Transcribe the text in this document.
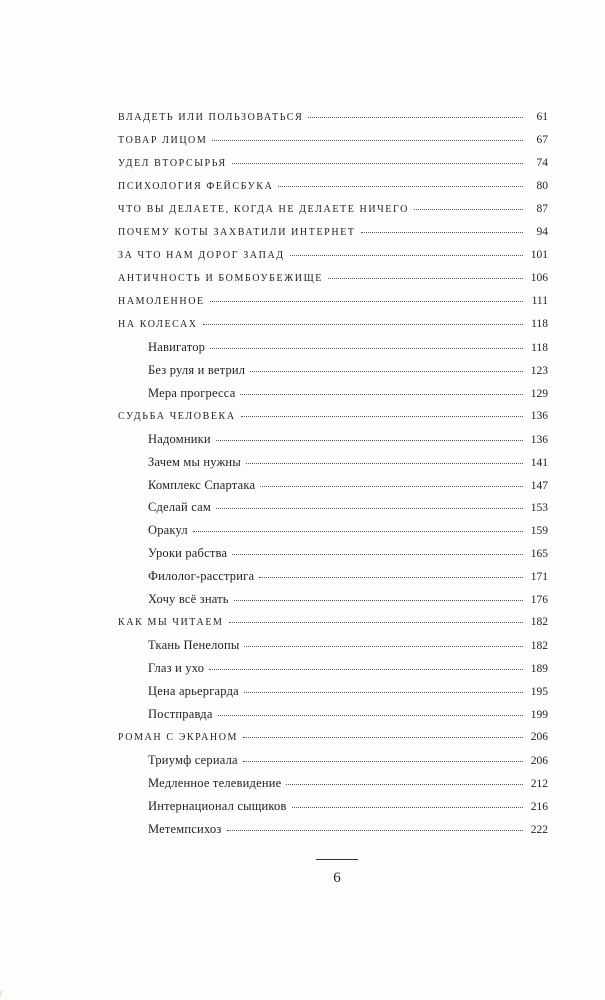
ВЛАДЕТЬ ИЛИ ПОЛЬЗОВАТЬСЯ	61
ТОВАР ЛИЦОМ	67
УДЕЛ ВТОРСЫРЬЯ	74
ПСИХОЛОГИЯ ФЕЙСБУКА	80
ЧТО ВЫ ДЕЛАЕТЕ, КОГДА НЕ ДЕЛАЕТЕ НИЧЕГО	87
ПОЧЕМУ КОТЫ ЗАХВАТИЛИ ИНТЕРНЕТ	94
ЗА ЧТО НАМ ДОРОГ ЗАПАД	101
АНТИЧНОСТЬ И БОМБОУБЕЖИЩЕ	106
НАМОЛЕННОЕ	111
НА КОЛЕСАХ	118
Навигатор	118
Без руля и ветрил	123
Мера прогресса	129
СУДЬБА ЧЕЛОВЕКА	136
Надомники	136
Зачем мы нужны	141
Комплекс Спартака	147
Сделай сам	153
Оракул	159
Уроки рабства	165
Филолог-расстрига	171
Хочу всё знать	176
КАК МЫ ЧИТАЕМ	182
Ткань Пенелопы	182
Глаз и ухо	189
Цена арьергарда	195
Постправда	199
РОМАН С ЭКРАНОМ	206
Триумф сериала	206
Медленное телевидение	212
Интернационал сыщиков	216
Метемпсихоз	222
6
